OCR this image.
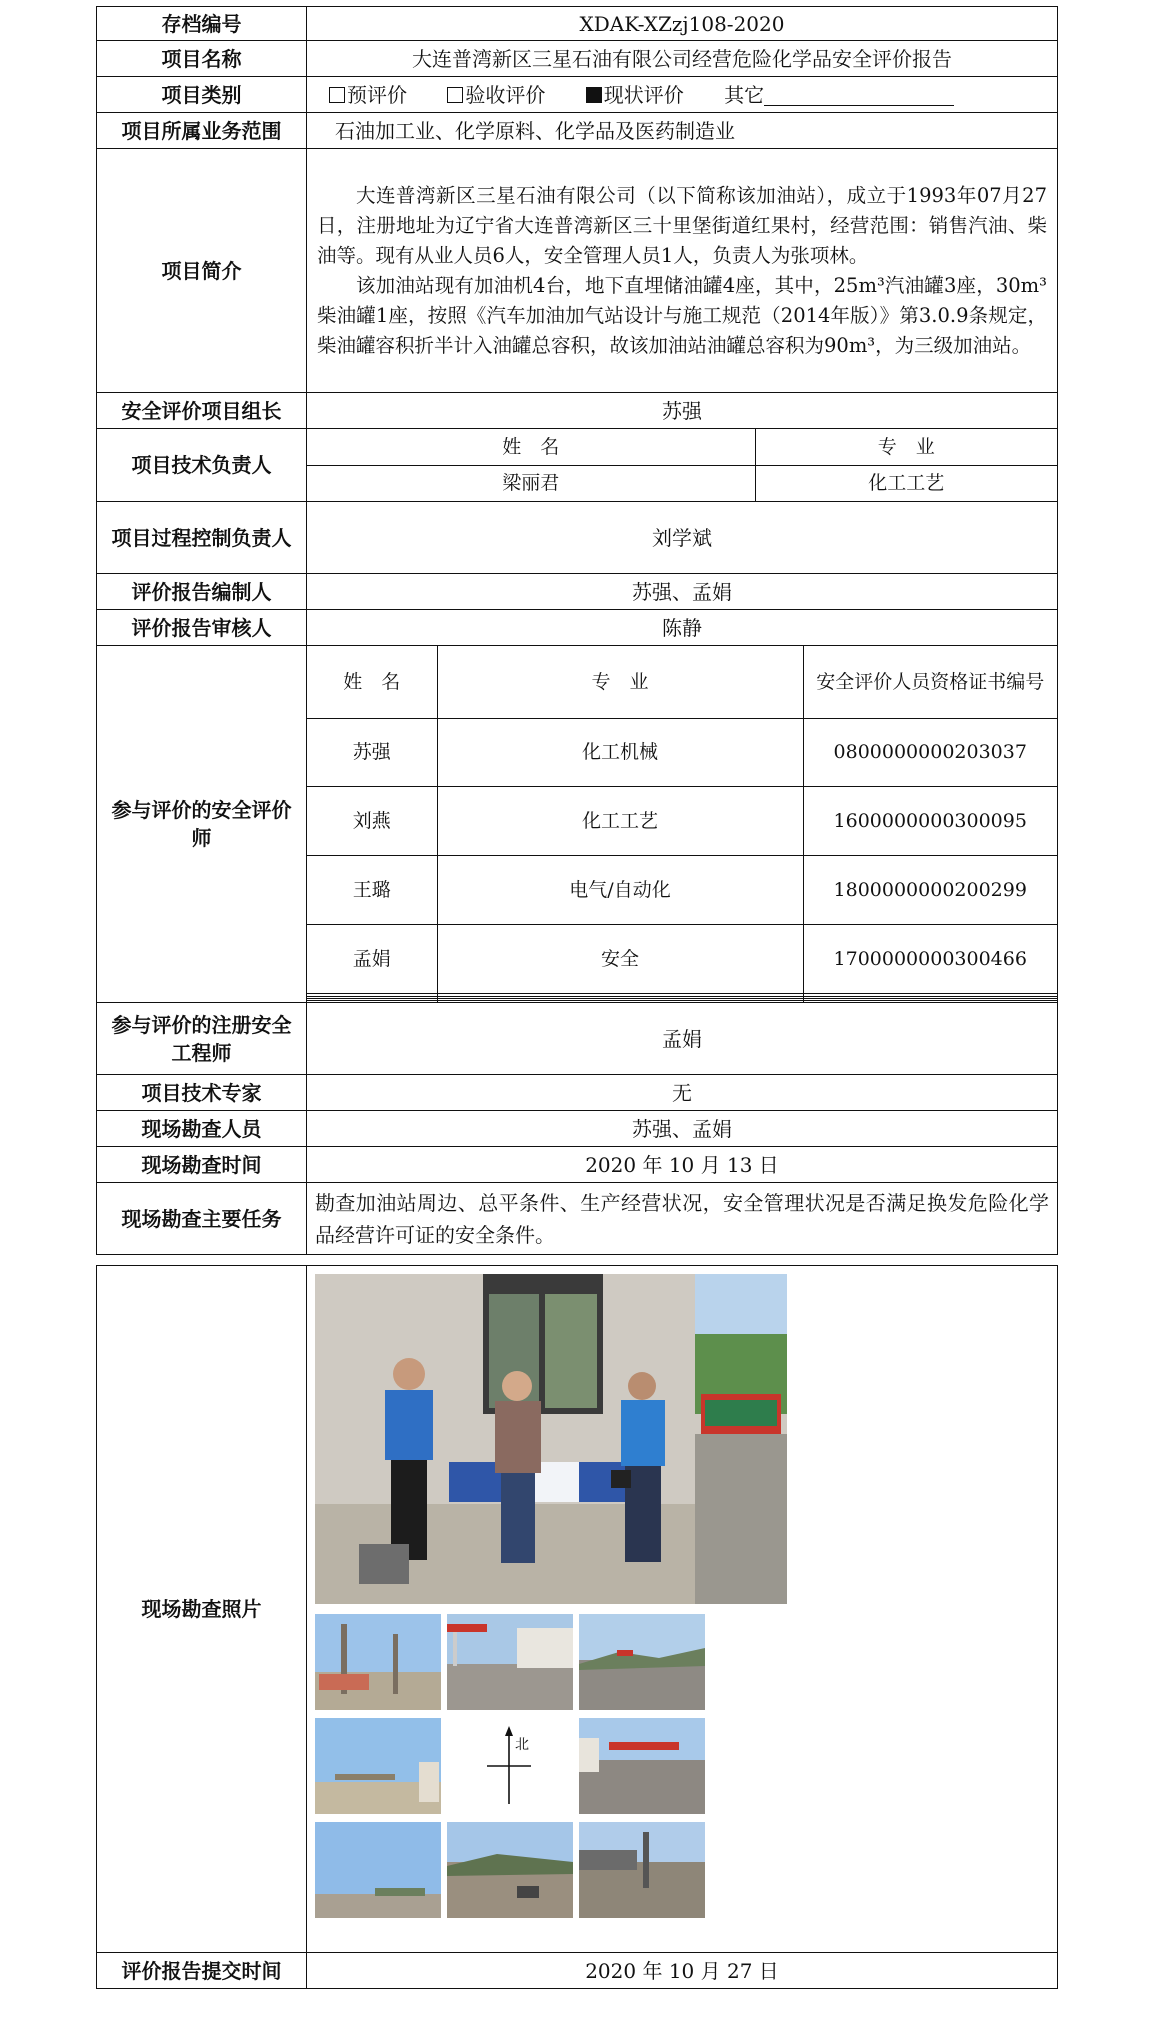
存档编号	XDAK-XZzj108-2020
项目名称	大连普湾新区三星石油有限公司经营危险化学品安全评价报告
项目类别	预评价	验收评价	现状评价 其它
项目所属业务范围	石油加工业、化学原料、化学品及医药制造业
项目简介	

大连普湾新区三星石油有限公司（以下简称该加油站），成立于1993年07月27日，注册地址为辽宁省大连普湾新区三十里堡街道红果村，经营范围：销售汽油、柴油等。现有从业人员6人，安全管理人员1人，负责人为张项林。

该加油站现有加油机4台，地下直埋储油罐4座，其中，25m³汽油罐3座，30m³柴油罐1座，按照《汽车加油加气站设计与施工规范（2014年版）》第3.0.9条规定，柴油罐容积折半计入油罐总容积，故该加油站油罐总容积为90m³，为三级加油站。

安全评价项目组长	苏强
项目技术负责人	
姓　名	专　业
梁丽君	化工工艺

项目过程控制负责人	刘学斌
评价报告编制人	苏强、孟娟
评价报告审核人	陈静
参与评价的安全评价师	
姓　名	专　业	安全评价人员资格证书编号
苏强	化工机械	0800000000203037
刘燕	化工工艺	1600000000300095
王璐	电气/自动化	1800000000200299
孟娟	安全	1700000000300466

参与评价的注册安全工程师	孟娟
项目技术专家	无
现场勘查人员	苏强、孟娟
现场勘查时间	2020 年 10 月 13 日
现场勘查主要任务	勘查加油站周边、总平条件、生产经营状况，安全管理状况是否满足换发危险化学品经营许可证的安全条件。
现场勘查照片	北

评价报告提交时间	2020 年 10 月 27 日
